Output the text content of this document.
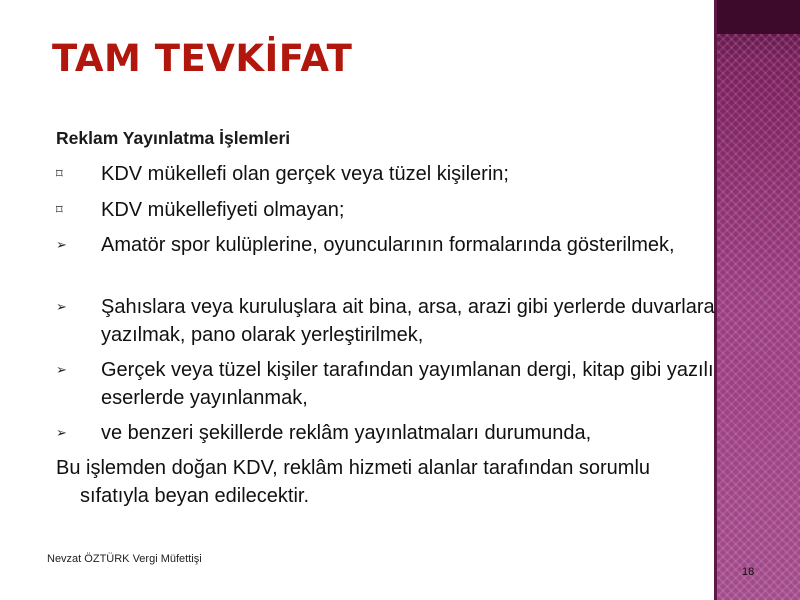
TAM TEVKİFAT
Reklam Yayınlatma İşlemleri
⌑	KDV mükellefi olan gerçek veya tüzel kişilerin;
⌑	KDV mükellefiyeti olmayan;
➢	Amatör spor kulüplerine, oyuncularının formalarında gösterilmek,
➢	Şahıslara veya kuruluşlara ait bina, arsa, arazi gibi yerlerde duvarlara yazılmak, pano olarak yerleştirilmek,
➢	Gerçek veya tüzel kişiler tarafından yayımlanan dergi, kitap gibi yazılı eserlerde yayınlanmak,
➢	ve benzeri şekillerde reklâm yayınlatmaları durumunda,
Bu işlemden doğan KDV, reklâm hizmeti alanlar tarafından sorumlu
sıfatıyla beyan edilecektir.
Nevzat ÖZTÜRK Vergi Müfettişi
18
